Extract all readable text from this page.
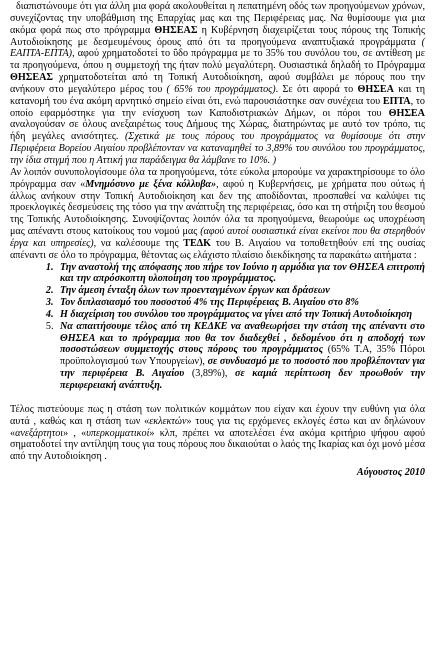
διαπιστώνουμε ότι για άλλη μια φορά ακολουθείται η πεπατημένη οδός των προηγούμενων χρόνων, συνεχίζοντας την υποβάθμιση της Επαρχίας μας και της Περιφέρειας μας. Να θυμίσουμε για μια ακόμα φορά πως στο πρόγραμμα ΘΗΣΕΑΣ η Κυβέρνηση διαχειρίζεται τους πόρους της Τοπικής Αυτοδιοίκησης με δεσμευμένους όρους από ότι τα προηγούμενα αναπτυξιακά προγράμματα ( ΕΑΠΤΑ-ΕΠΤΑ), αφού χρηματοδοτεί το ΰδο πρόγραμμα με το 35% του συνόλου του, σε αντίθεση με τα προηγούμενα, όπου η συμμετοχή της ήταν πολύ μεγαλύτερη. Ουσιαστικά δηλαδή το Πρόγραμμα ΘΗΣΕΑΣ χρηματοδοτείται από τη Τοπική Αυτοδιοίκηση, αφού συμβάλει με πόρους που την ανήκουν στο μεγαλύτερο μέρος του ( 65% του προγράμματος). Σε ότι αφορά το ΘΗΣΕΑ και τη κατανομή του ένα ακόμη αρνητικό σημείο είναι ότι, ενώ παρουσιάστηκε σαν συνέχεια του ΕΠΤΑ, το οποίο εφαρμόστηκε για την ενίσχυση των Καποδιστριακών Δήμων, οι πόροι του ΘΗΣΕΑ αναλογούσαν σε όλους ανεξαιρέτως τους Δήμους της Χώρας, διατηρώντας με αυτό τον τρόπο, τις ήδη μεγάλες ανισότητες. (Σχετικά με τους πόρους του προγράμματος να θυμίσουμε ότι στην Περιφέρεια Βορείου Αιγαίου προβλέπονταν να καταναμηθεί το 3,89% του συνόλου του προγράμματος, την ίδια στιγμή που η Αττική για παράδειγμα θα λάμβανε το 10%. )

Αν λοιπόν συνυπολογίσουμε όλα τα προηγούμενα, τότε εύκολα μπορούμε να χαρακτηρίσουμε το όλο πρόγραμμα σαν «Μνημόσυνο με ξένα κόλλυβα», αφού η Κυβερνήσεις, με χρήματα που ούτως ή άλλως ανήκουν στην Τοπική Αυτοδιοίκηση και δεν της αποδίδονται, προσπαθεί να καλύψει τις προεκλογικές δεσμεύσεις της τόσο για την ανάπτυξη της περιφέρειας, όσο και τη στήριξη του θεσμού της Τοπικής Αυτοδιοίκησης. Συνοψίζοντας λοιπόν όλα τα προηγούμενα, θεωρούμε ως υποχρέωση μας απέναντι στους κατοίκους του νομού μας (αφού αυτοί ουσιαστικά είναι εκείνοι που θα στερηθούν έργα και υπηρεσίες), να καλέσουμε της ΤΕΔΚ του Β. Αιγαίου να τοποθετηθούν επί της ουσίας απέναντι σε όλο το πρόγραμμα, θέτοντας ως ελάχιστο πλαίσιο διεκδίκησης τα παρακάτω αιτήματα :

1. Την αναστολή της απόφασης που πήρε τον Ιούνιο η αρμόδια για τον ΘΗΣΕΑ επιτροπή και την απρόσκοπτη υλοποίηση του προγράμματος.
2. Την άμεση ένταξη όλων των προενταγμένων έργων και δράσεων
3. Τον διπλασιασμό του ποσοστού 4% της Περιφέρειας Β. Αιγαίου στο 8%
4. Η διαχείριση του συνόλου του προγράμματος να γίνει από την Τοπική Αυτοδιοίκηση
5. Να απαιτήσουμε τέλος από τη ΚΕΔΚΕ να αναθεωρήσει την στάση της απέναντι στο ΘΗΣΕΑ και το πρόγραμμα που θα τον διαδεχθεί , δεδομένου ότι η αποδοχή των ποσοστώσεων συμμετοχής στους πόρους του προγράμματος (65% Τ.Α, 35% Πόροι προϋπολογισμού των Υπουργείων), σε συνδυασμό με το ποσοστό που προβλέπονταν για την περιφέρεια Β. Αιγαίου (3,89%), σε καμιά περίπτωση δεν προωθούν την περιφερειακή ανάπτυξη.

Τέλος πιστεύουμε πως η στάση των πολιτικών κομμάτων που είχαν και έχουν την ευθύνη για όλα αυτά , καθώς και η στάση των «εκλεκτών» τους για τις ερχόμενες εκλογές έστω και αν δηλώνουν «ανεξάρτητοι» , «υπερκομματικοί» κλπ, πρέπει να αποτελέσει ένα ακόμα κριτήριο ψήφου αφού σηματοδοτεί την αντίληψη τους για τους πόρους που δικαιούται ο λαός της Ικαρίας και όχι μονό μέσα από την Αυτοδιοίκηση .

Αύγουστος 2010
